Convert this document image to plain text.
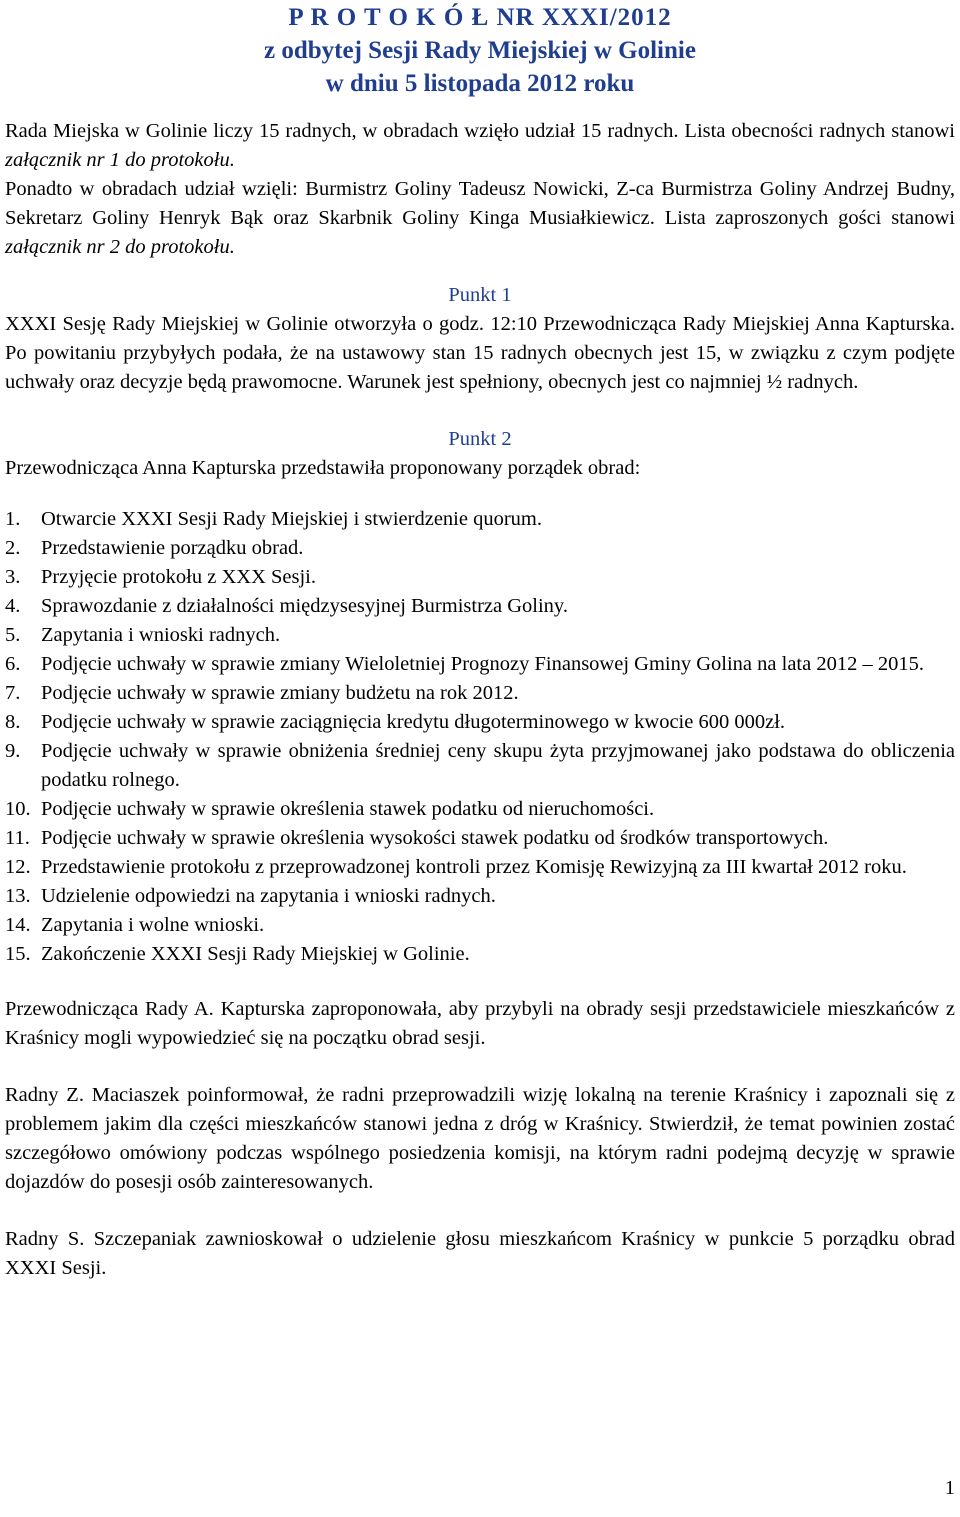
P R O T O K Ó Ł NR XXXI/2012
z odbytej Sesji Rady Miejskiej w Golinie
w dniu 5 listopada 2012 roku

Rada Miejska w Golinie liczy 15 radnych, w obradach wzięło udział 15 radnych. Lista obecności radnych stanowi załącznik nr 1 do protokołu.

Ponadto w obradach udział wzięli: Burmistrz Goliny Tadeusz Nowicki, Z-ca Burmistrza Goliny Andrzej Budny, Sekretarz Goliny Henryk Bąk oraz Skarbnik Goliny Kinga Musiałkiewicz. Lista zaproszonych gości stanowi załącznik nr 2 do protokołu.

Punkt 1

XXXI Sesję Rady Miejskiej w Golinie otworzyła o godz. 12:10 Przewodnicząca Rady Miejskiej Anna Kapturska. Po powitaniu przybyłych podała, że na ustawowy stan 15 radnych obecnych jest 15, w związku z czym podjęte uchwały oraz decyzje będą prawomocne. Warunek jest spełniony, obecnych jest co najmniej ½ radnych.

Punkt 2

Przewodnicząca Anna Kapturska przedstawiła proponowany porządek obrad:

1.	Otwarcie XXXI Sesji Rady Miejskiej i stwierdzenie quorum.
2.	Przedstawienie porządku obrad.
3.	Przyjęcie protokołu z XXX Sesji.
4.	Sprawozdanie z działalności międzysesyjnej Burmistrza Goliny.
5.	Zapytania i wnioski radnych.
6.	Podjęcie uchwały w sprawie zmiany Wieloletniej Prognozy Finansowej Gminy Golina na lata 2012 – 2015.
7.	Podjęcie uchwały w sprawie zmiany budżetu na rok 2012.
8.	Podjęcie uchwały w sprawie zaciągnięcia kredytu długoterminowego w kwocie 600 000zł.
9.	Podjęcie uchwały w sprawie obniżenia średniej ceny skupu żyta przyjmowanej jako podstawa do obliczenia podatku rolnego.
10. Podjęcie uchwały w sprawie określenia stawek podatku od nieruchomości.
11. Podjęcie uchwały w sprawie określenia wysokości stawek podatku od środków transportowych.
12. Przedstawienie protokołu z przeprowadzonej kontroli przez Komisję Rewizyjną za III kwartał 2012 roku.
13. Udzielenie odpowiedzi na zapytania i wnioski radnych.
14. Zapytania i wolne wnioski.
15. Zakończenie XXXI Sesji Rady Miejskiej w Golinie.

Przewodnicząca Rady A. Kapturska zaproponowała, aby przybyli na obrady sesji przedstawiciele mieszkańców z Kraśnicy mogli wypowiedzieć się na początku obrad sesji.

Radny Z. Maciaszek poinformował, że radni przeprowadzili wizję lokalną na terenie Kraśnicy i zapoznali się z problemem jakim dla części mieszkańców stanowi jedna z dróg w Kraśnicy. Stwierdził, że temat powinien zostać szczegółowo omówiony podczas wspólnego posiedzenia komisji, na którym radni podejmą decyzję w sprawie dojazdów do posesji osób zainteresowanych.

Radny S. Szczepaniak zawnioskował o udzielenie głosu mieszkańcom Kraśnicy w punkcie 5 porządku obrad XXXI Sesji.

1
